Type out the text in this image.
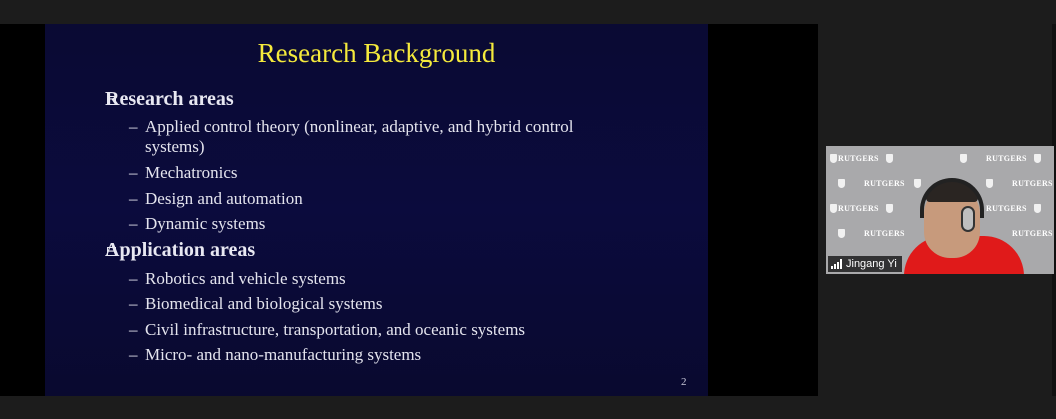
Research Background
Research areas
– Applied control theory (nonlinear, adaptive, and hybrid control systems)
– Mechatronics
– Design and automation
– Dynamic systems
Application areas
– Robotics and vehicle systems
– Biomedical and biological systems
– Civil infrastructure, transportation, and oceanic systems
– Micro- and nano-manufacturing systems
2
RUTGERS	RUTGERS
RUTGERS	RUTGERS
RUTGERS	RUTGERS
RUTGERS	RUTGERS
Jingang Yi
